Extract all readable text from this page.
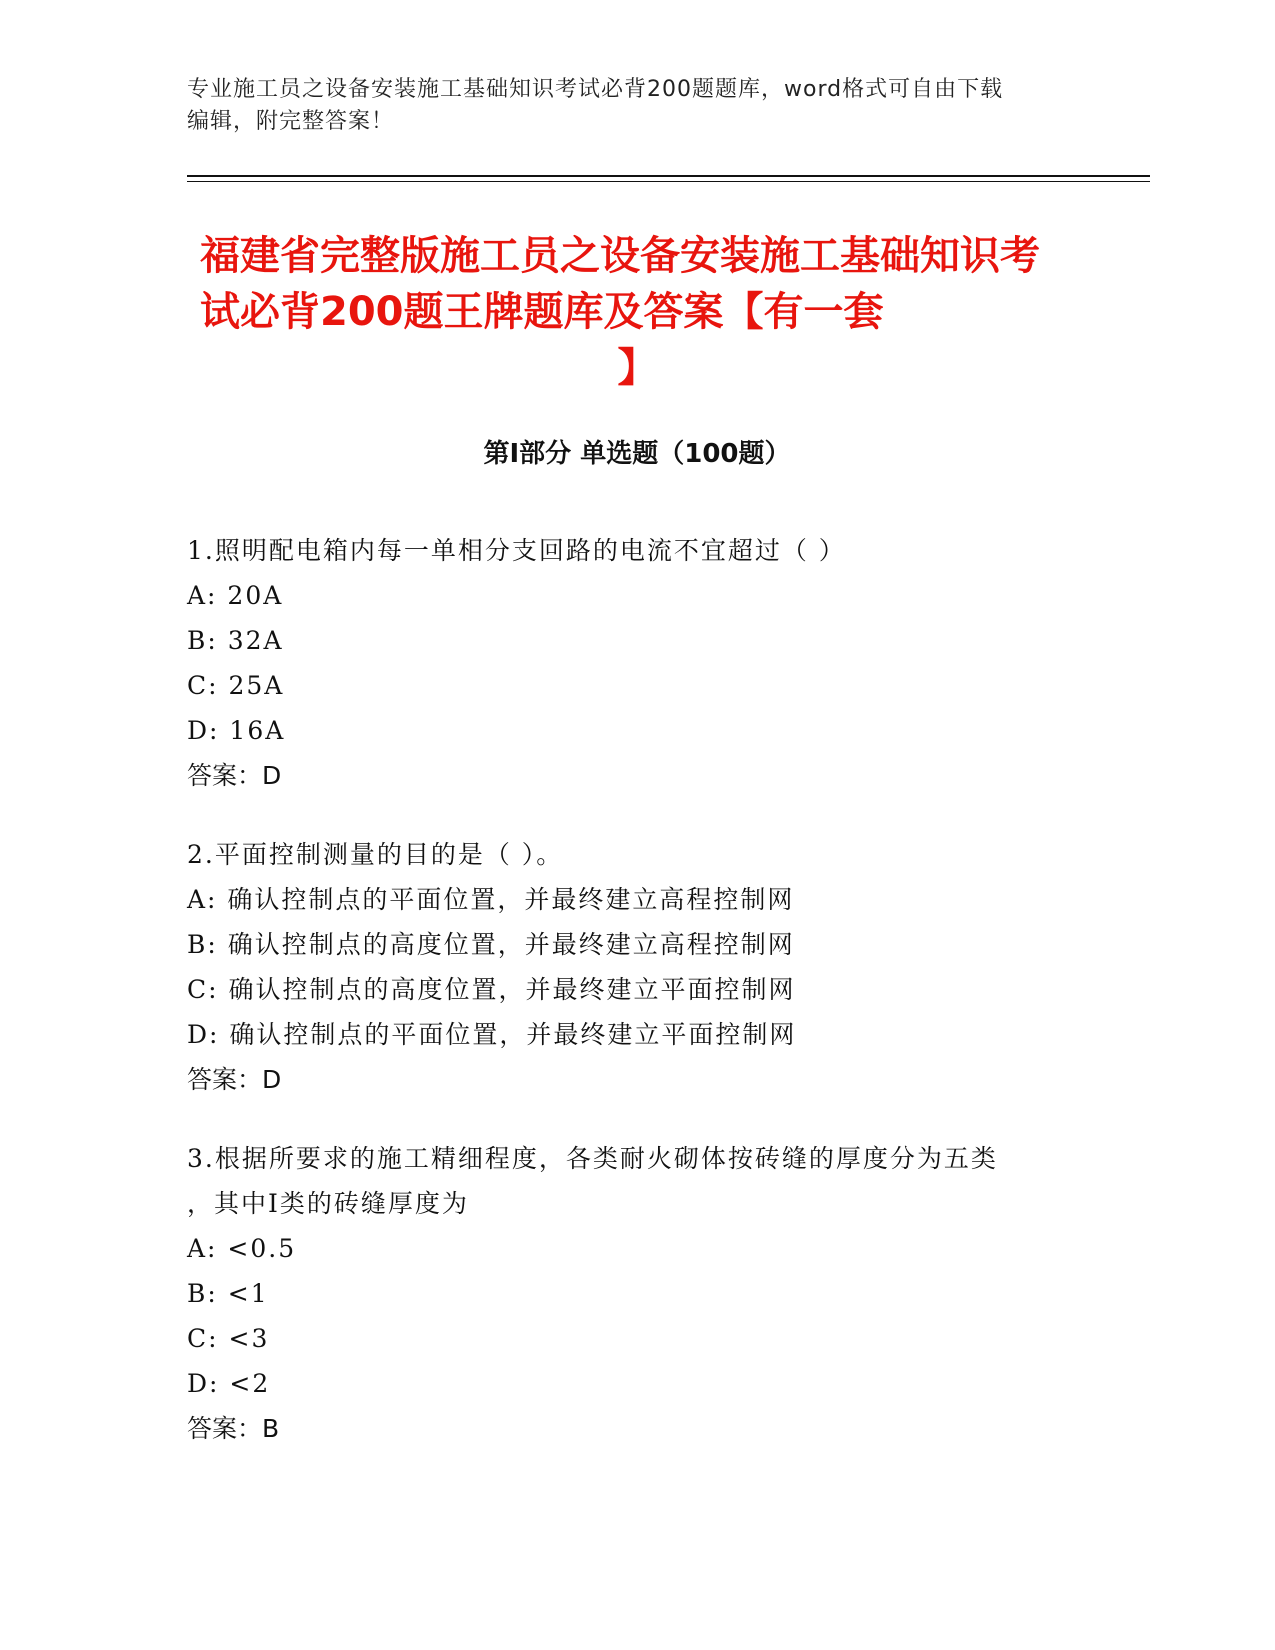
专业施工员之设备安装施工基础知识考试必背200题题库，word格式可自由下载
编辑，附完整答案！
福建省完整版施工员之设备安装施工基础知识考试必背200题王牌题库及答案【有一套
】
第I部分 单选题（100题）

1.照明配电箱内每一单相分支回路的电流不宜超过（ ）

A: 20A

B: 32A

C: 25A

D: 16A

答案：D

2.平面控制测量的目的是（ ）。

A: 确认控制点的平面位置，并最终建立高程控制网

B: 确认控制点的高度位置，并最终建立高程控制网

C: 确认控制点的高度位置，并最终建立平面控制网

D: 确认控制点的平面位置，并最终建立平面控制网

答案：D

3.根据所要求的施工精细程度，各类耐火砌体按砖缝的厚度分为五类

，其中I类的砖缝厚度为

A: <0.5

B: <1

C: <3

D: <2

答案：B
